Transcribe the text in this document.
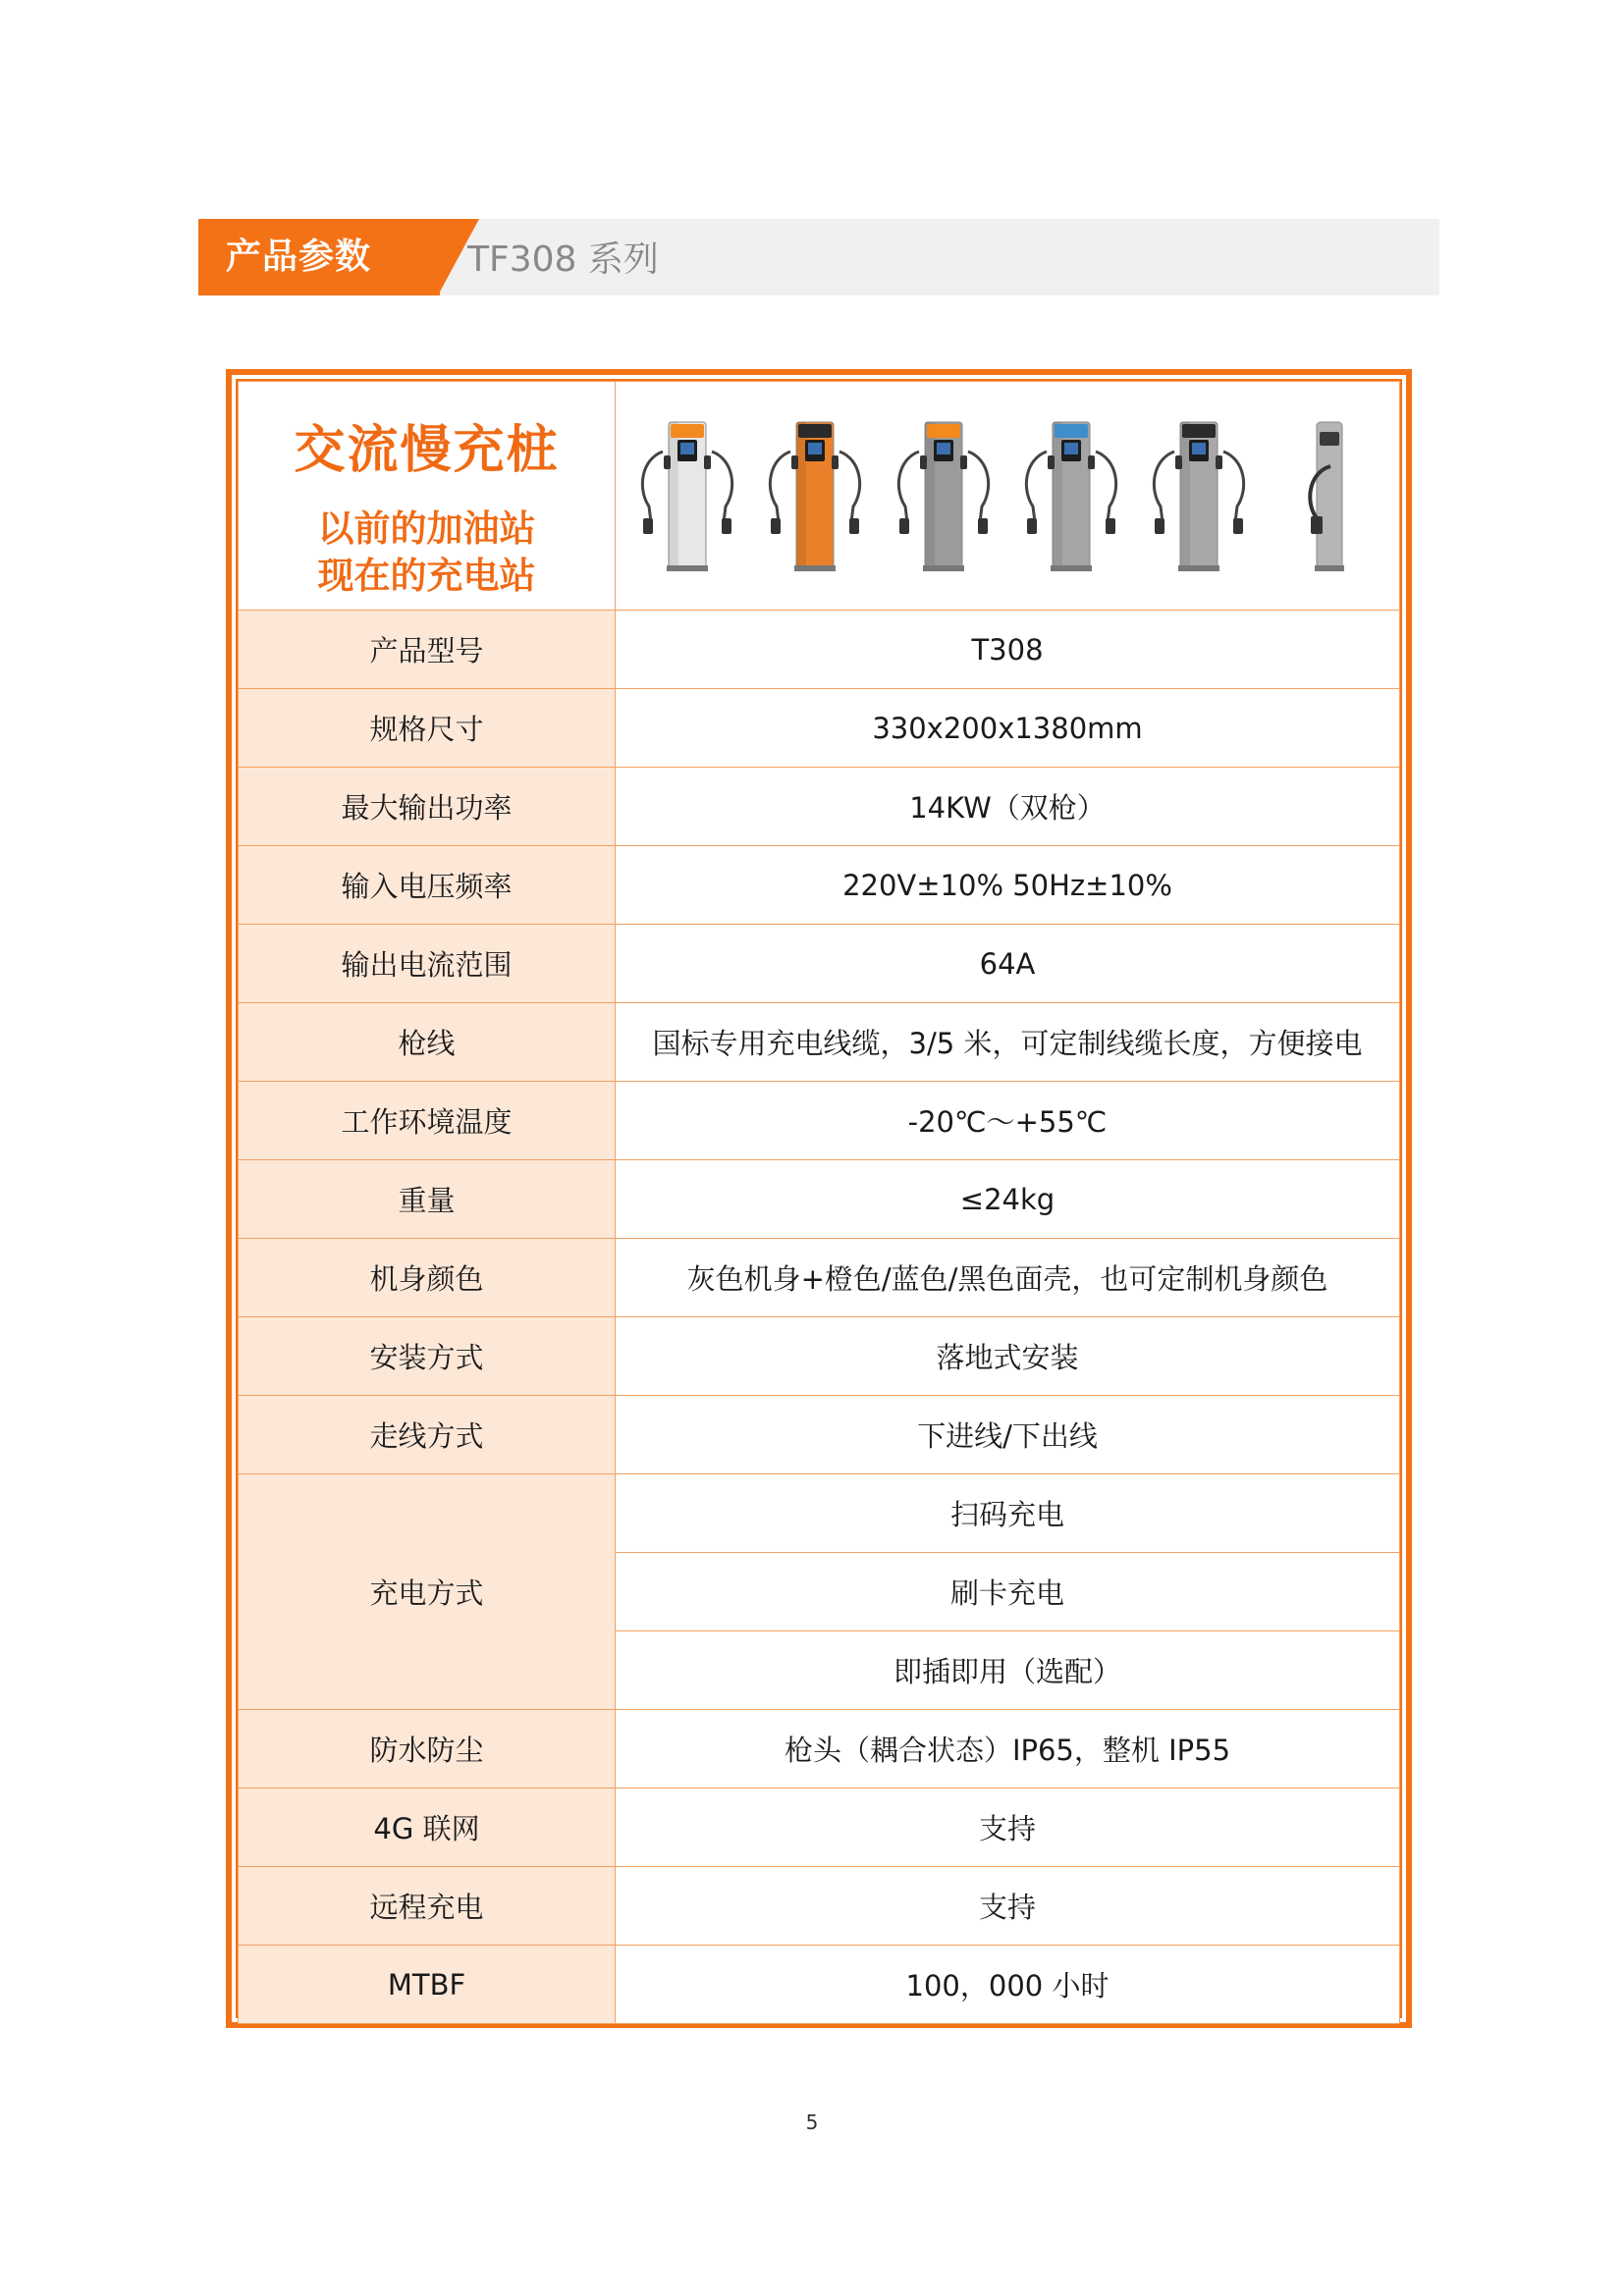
产品参数	TF308 系列
交流慢充桩
以前的加油站
现在的充电站

产品型号	T308
规格尺寸	330x200x1380mm
最大输出功率	14KW（双枪）
输入电压频率	220V±10% 50Hz±10%
输出电流范围	64A
枪线	国标专用充电线缆，3/5 米，可定制线缆长度，方便接电
工作环境温度	-20℃～+55℃
重量	≤24kg
机身颜色	灰色机身+橙色/蓝色/黑色面壳，也可定制机身颜色
安装方式	落地式安装
走线方式	下进线/下出线
充电方式	扫码充电
	刷卡充电
	即插即用（选配）
防水防尘	枪头（耦合状态）IP65，整机 IP55
4G 联网	支持
远程充电	支持
MTBF	100，000 小时
5
